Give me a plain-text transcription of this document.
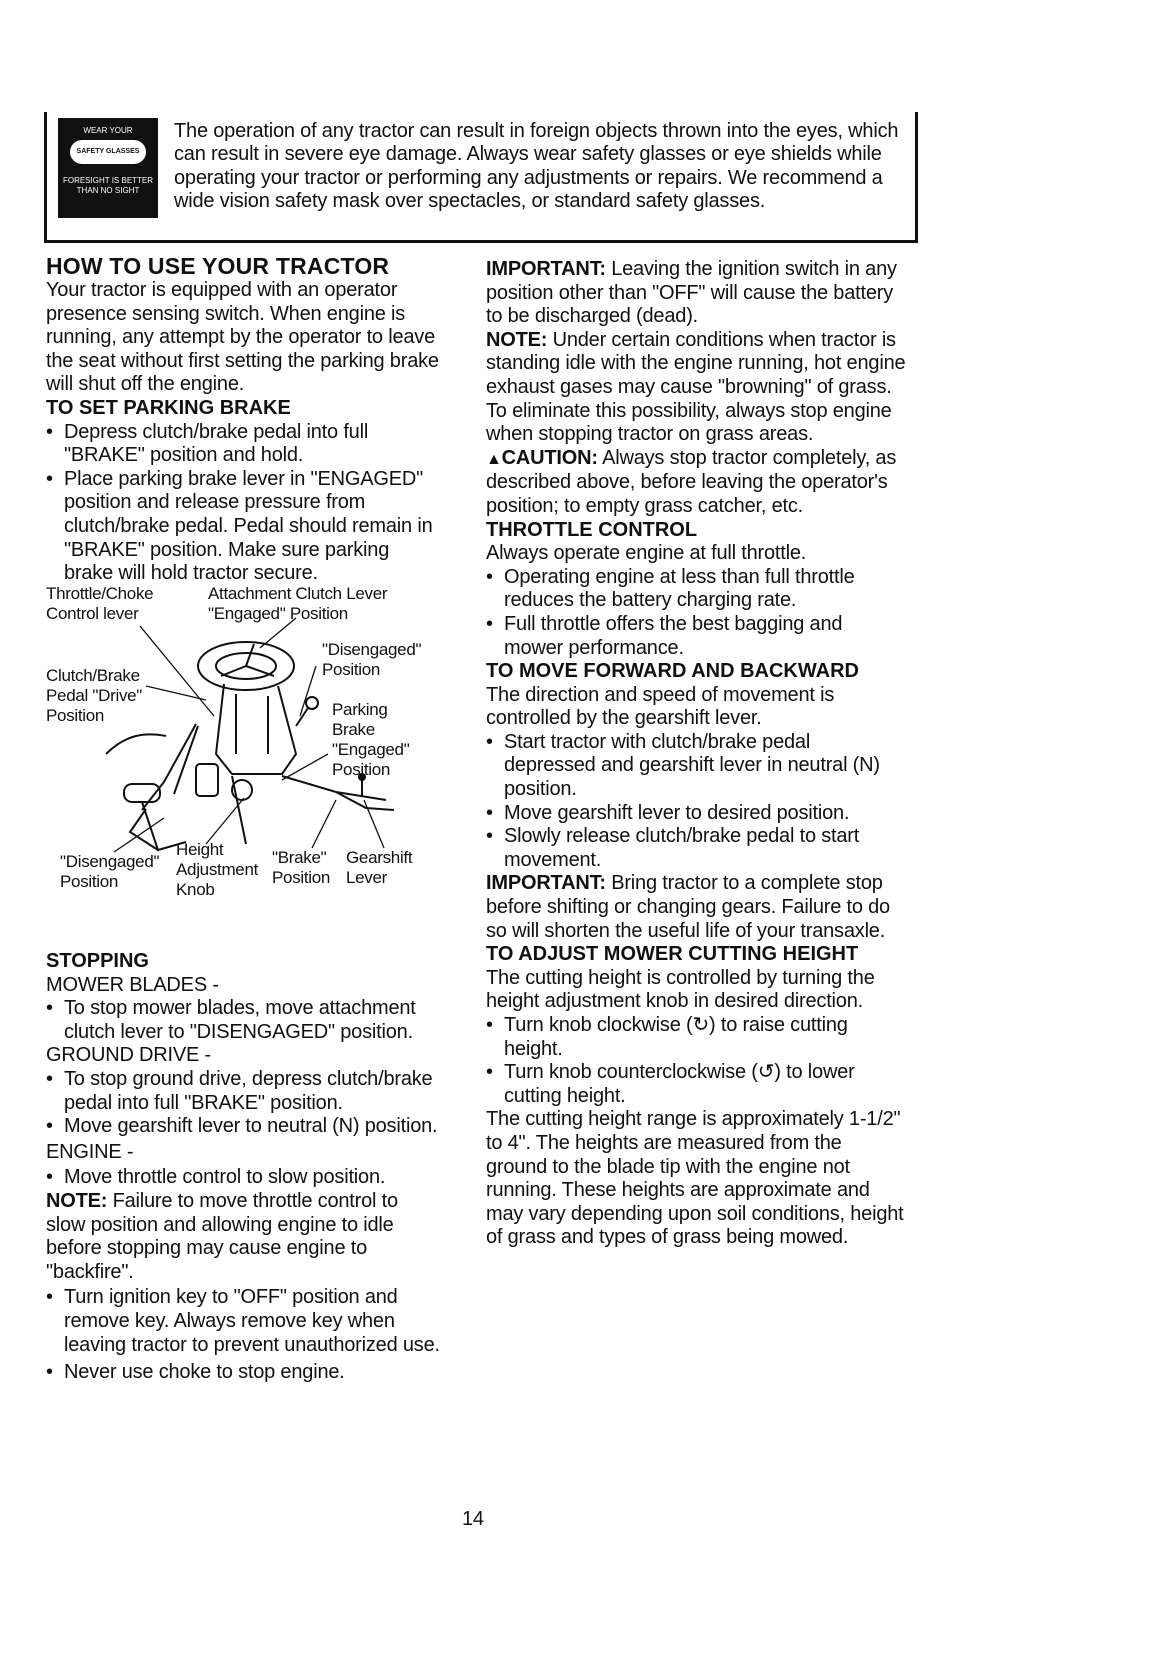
WEAR YOUR
SAFETY GLASSES
FORESIGHT IS BETTER
THAN NO SIGHT

The operation of any tractor can result in foreign objects thrown into the eyes, which can result in severe eye damage. Always wear safety glasses or eye shields while operating your tractor or performing any adjustments or repairs. We recommend a wide vision safety mask over spectacles, or standard safety glasses.

HOW TO USE YOUR TRACTOR

Your tractor is equipped with an operator presence sensing switch. When engine is running, any attempt by the operator to leave the seat without first setting the parking brake will shut off the engine.

TO SET PARKING BRAKE

• Depress clutch/brake pedal into full "BRAKE" position and hold.
• Place parking brake lever in "ENGAGED" position and release pressure from clutch/brake pedal. Pedal should remain in "BRAKE" position. Make sure parking brake will hold tractor secure.
Throttle/Choke Control lever
Attachment Clutch Lever "Engaged" Position
"Disengaged" Position
Clutch/Brake Pedal "Drive" Position	Parking Brake "Engaged" Position
"Disengaged" Position
Height Adjustment Knob
"Brake" Position
Gearshift Lever

STOPPING

MOWER BLADES -

• To stop mower blades, move attachment clutch lever to "DISENGAGED" position.

GROUND DRIVE -

• To stop ground drive, depress clutch/brake pedal into full "BRAKE" position.
• Move gearshift lever to neutral (N) position.

ENGINE -

• Move throttle control to slow position.

NOTE: Failure to move throttle control to slow position and allowing engine to idle before stopping may cause engine to "backfire".

• Turn ignition key to "OFF" position and remove key. Always remove key when leaving tractor to prevent unauthorized use.
• Never use choke to stop engine.

IMPORTANT: Leaving the ignition switch in any position other than "OFF" will cause the battery to be discharged (dead).

NOTE: Under certain conditions when tractor is standing idle with the engine running, hot engine exhaust gases may cause "browning" of grass. To eliminate this possibility, always stop engine when stopping tractor on grass areas.

▲CAUTION: Always stop tractor completely, as described above, before leaving the operator's position; to empty grass catcher, etc.

THROTTLE CONTROL

Always operate engine at full throttle.

• Operating engine at less than full throttle reduces the battery charging rate.
• Full throttle offers the best bagging and mower performance.

TO MOVE FORWARD AND BACKWARD

The direction and speed of movement is controlled by the gearshift lever.

• Start tractor with clutch/brake pedal depressed and gearshift lever in neutral (N) position.
• Move gearshift lever to desired position.
• Slowly release clutch/brake pedal to start movement.

IMPORTANT: Bring tractor to a complete stop before shifting or changing gears. Failure to do so will shorten the useful life of your transaxle.

TO ADJUST MOWER CUTTING HEIGHT

The cutting height is controlled by turning the height adjustment knob in desired direction.

• Turn knob clockwise (↻) to raise cutting height.
• Turn knob counterclockwise (↺) to lower cutting height.

The cutting height range is approximately 1-1/2" to 4". The heights are measured from the ground to the blade tip with the engine not running. These heights are approximate and may vary depending upon soil conditions, height of grass and types of grass being mowed.

14
